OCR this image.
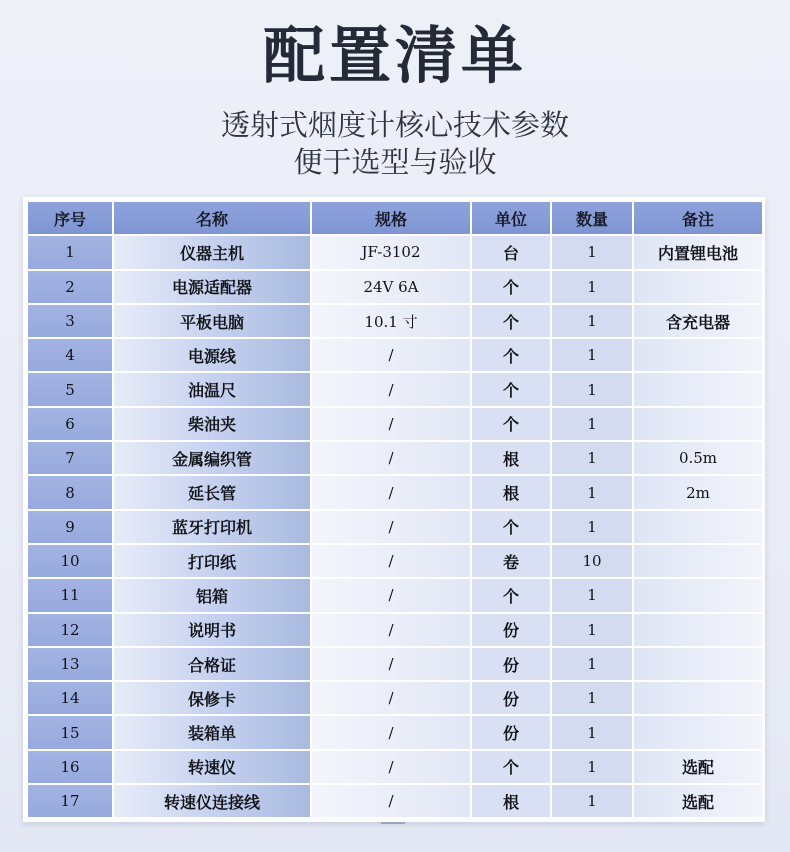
配置清单
透射式烟度计核心技术参数
便于选型与验收
序号	名称	规格	单位	数量	备注
1	仪器主机	JF-3102	台	1	内置锂电池
2	电源适配器	24V 6A	个	1	
3	平板电脑	10.1 寸	个	1	含充电器
4	电源线	/	个	1	
5	油温尺	/	个	1	
6	柴油夹	/	个	1	
7	金属编织管	/	根	1	0.5m
8	延长管	/	根	1	2m
9	蓝牙打印机	/	个	1	
10	打印纸	/	卷	10	
11	铝箱	/	个	1	
12	说明书	/	份	1	
13	合格证	/	份	1	
14	保修卡	/	份	1	
15	装箱单	/	份	1	
16	转速仪	/	个	1	选配
17	转速仪连接线	/	根	1	选配
